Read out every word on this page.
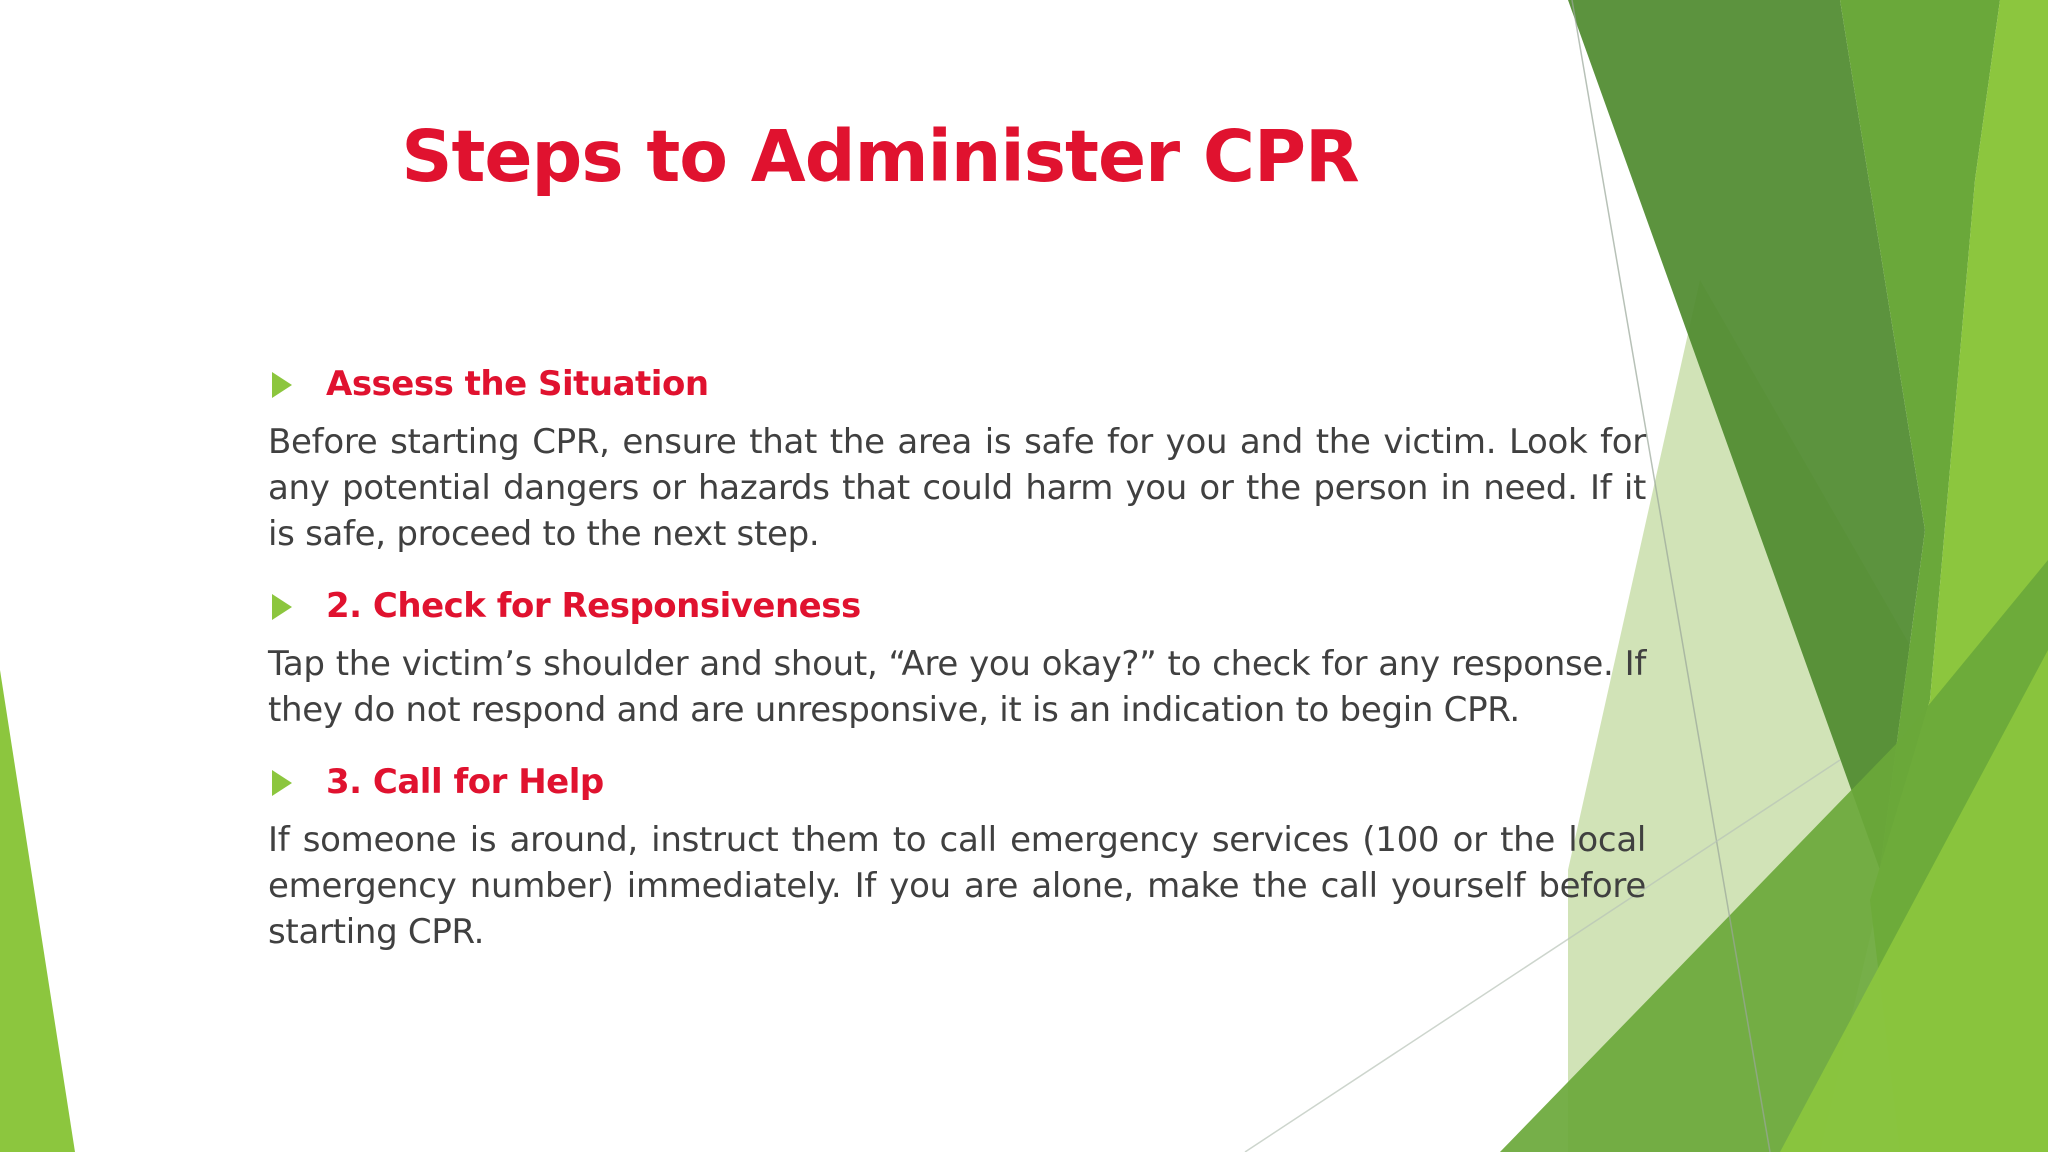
Steps to Administer CPR
Assess the Situation

Before starting CPR, ensure that the area is safe for you and the victim. Look for any potential dangers or hazards that could harm you or the person in need. If it is safe, proceed to the next step.

2. Check for Responsiveness

Tap the victim’s shoulder and shout, “Are you okay?” to check for any response. If they do not respond and are unresponsive, it is an indication to begin CPR.

3. Call for Help

If someone is around, instruct them to call emergency services (100 or the local emergency number) immediately. If you are alone, make the call yourself before starting CPR.
